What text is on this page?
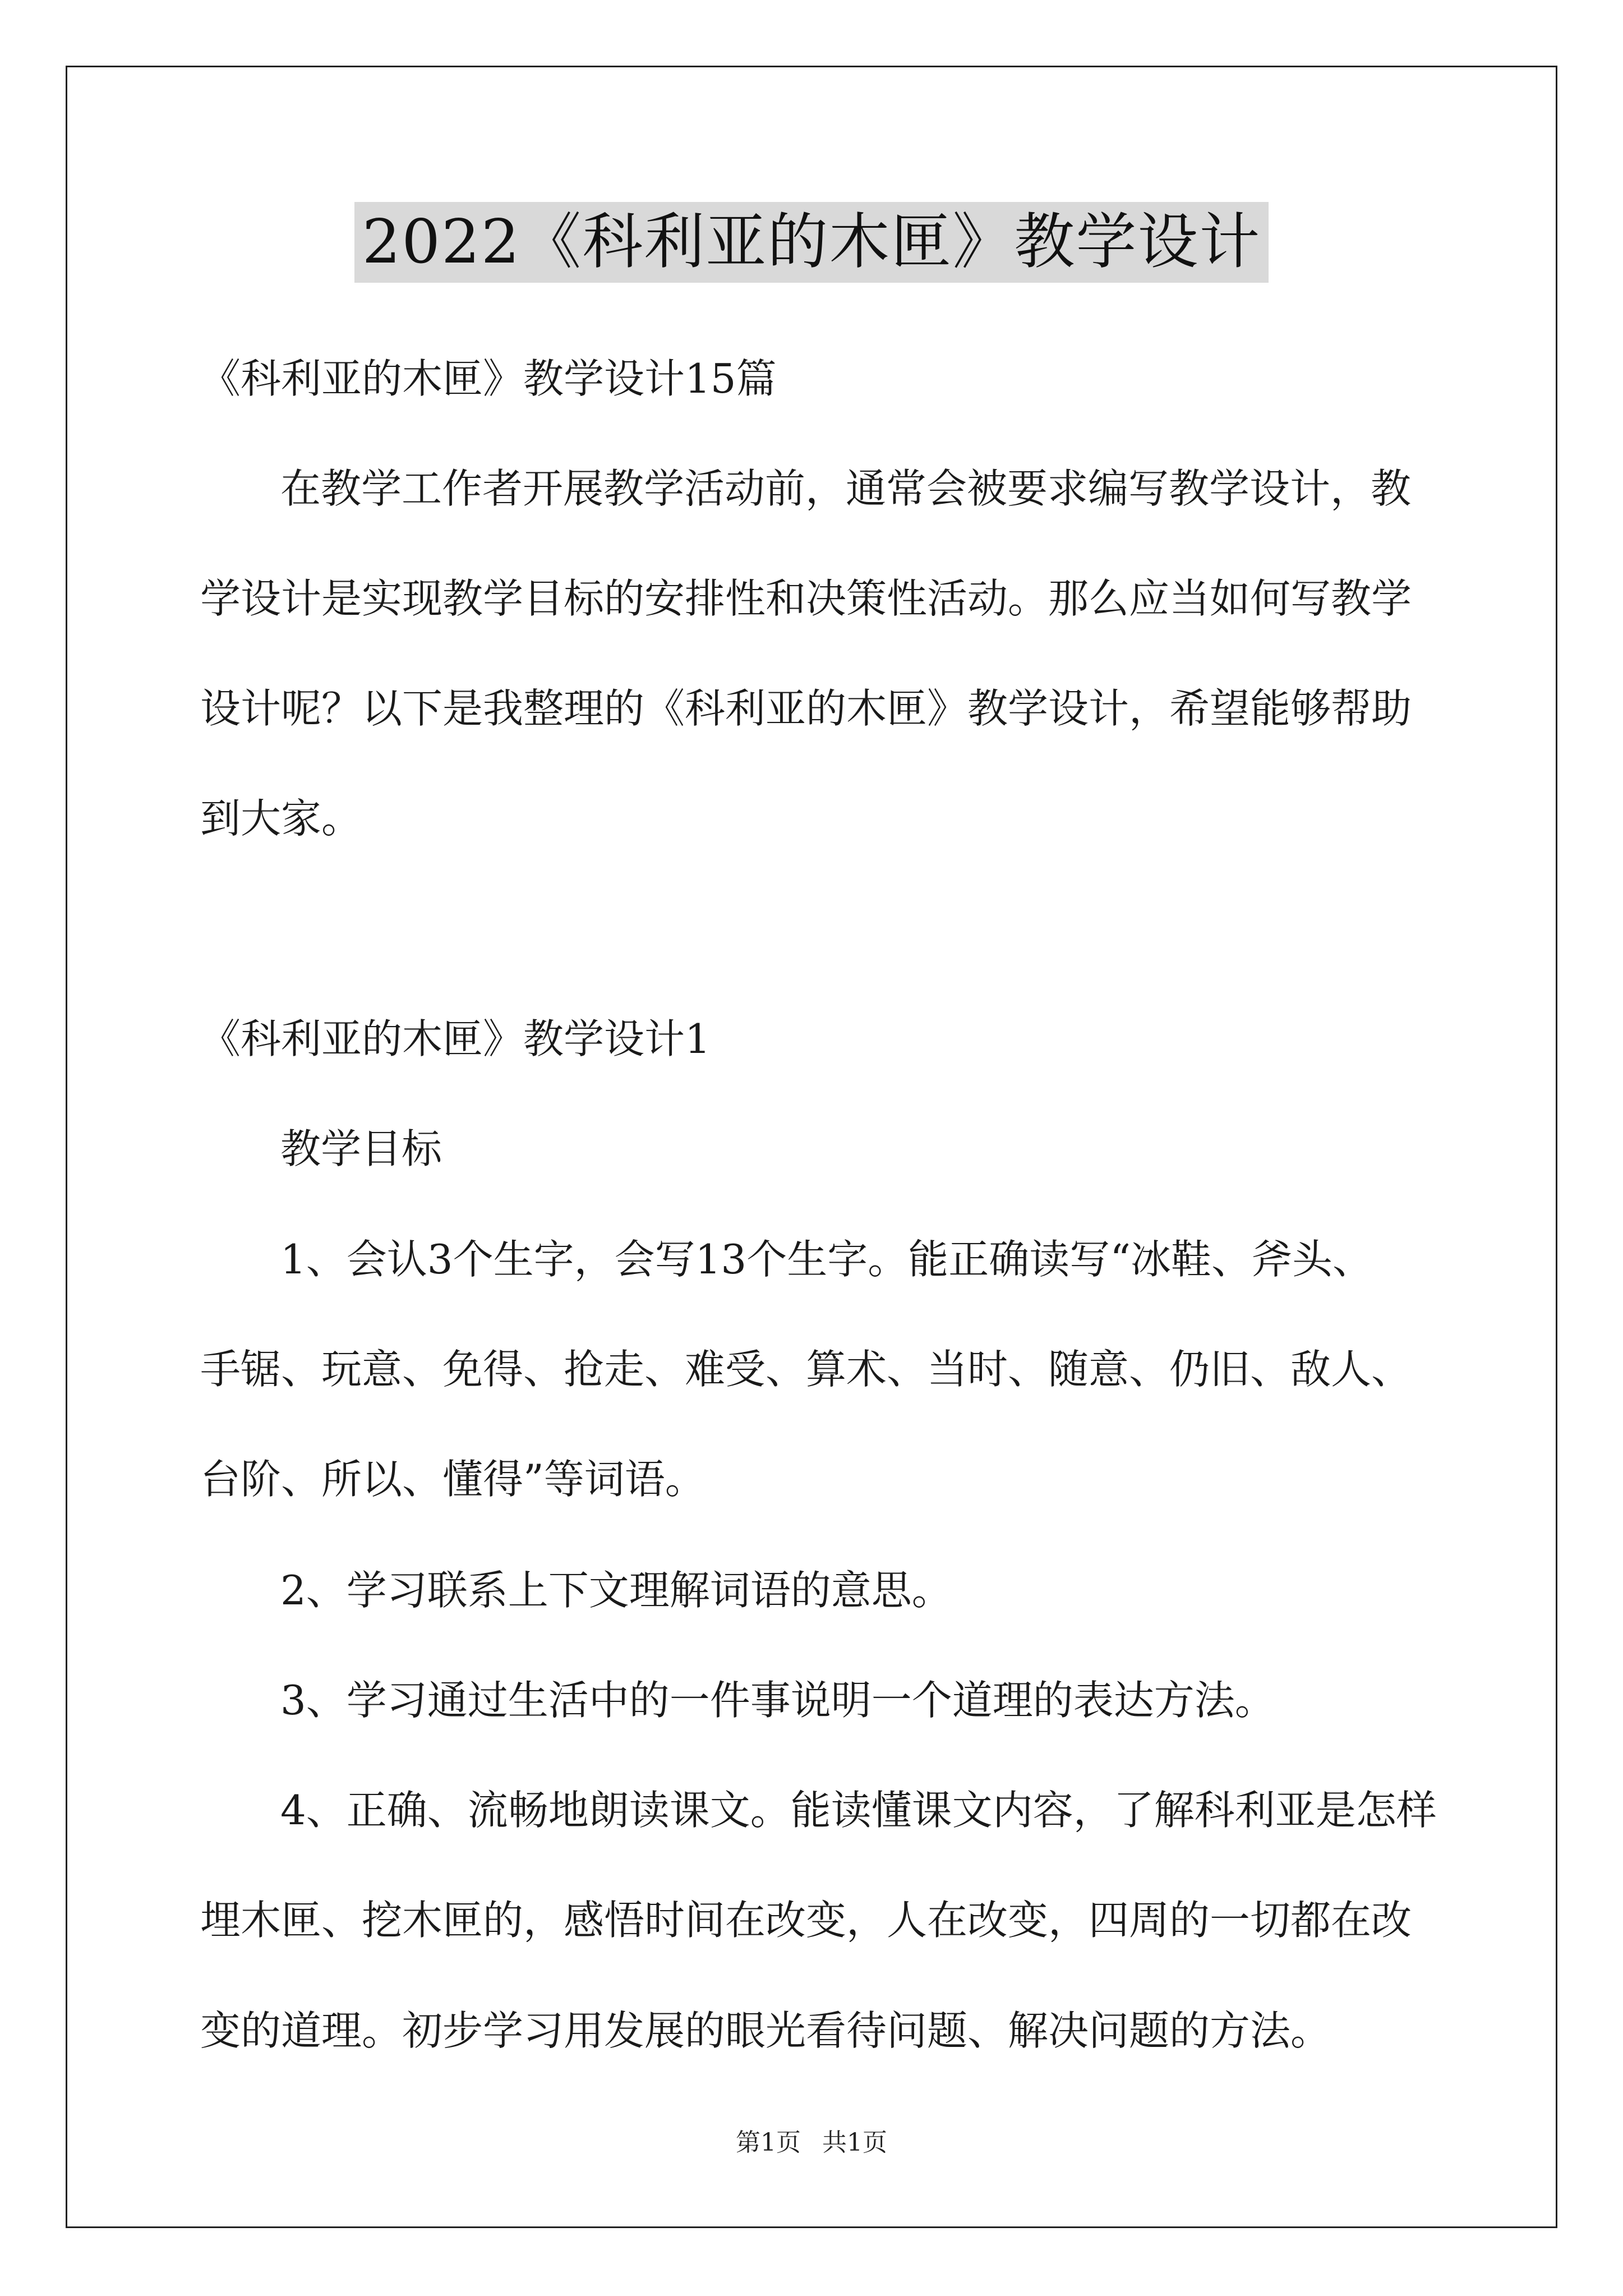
2022《科利亚的木匣》教学设计
《科利亚的木匣》教学设计15篇
在教学工作者开展教学活动前，通常会被要求编写教学设计，教
学设计是实现教学目标的安排性和决策性活动。那么应当如何写教学
设计呢？以下是我整理的《科利亚的木匣》教学设计，希望能够帮助
到大家。
《科利亚的木匣》教学设计1
教学目标
1、会认3个生字，会写13个生字。能正确读写“冰鞋、斧头、
手锯、玩意、免得、抢走、难受、算术、当时、随意、仍旧、敌人、
台阶、所以、懂得”等词语。
2、学习联系上下文理解词语的意思。
3、学习通过生活中的一件事说明一个道理的表达方法。
4、正确、流畅地朗读课文。能读懂课文内容，了解科利亚是怎样
埋木匣、挖木匣的，感悟时间在改变，人在改变，四周的一切都在改
变的道理。初步学习用发展的眼光看待问题、解决问题的方法。
第1页 共1页
